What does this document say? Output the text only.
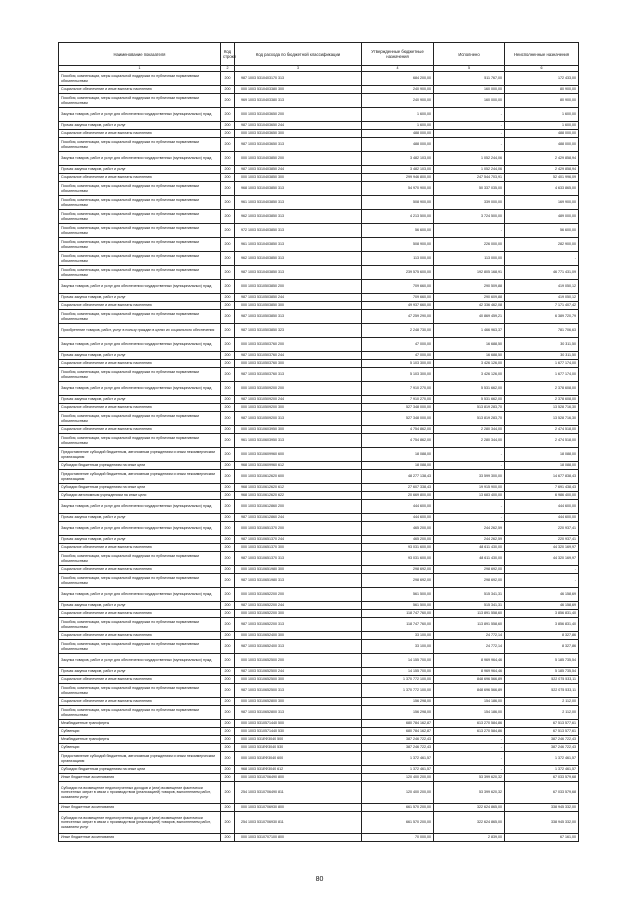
Наименование показателя	Код строки	Код расхода по бюджетной классификации	Утвержденные бюджетные назначения	Исполнено	Неисполненные назначения
1	2	3	4	5	6
Пособия, компенсации, меры социальной поддержки по публичным нормативным обязательствам	200	987 1003 5310403170 313	684 200,00	511 767,00	172 433,00
Социальное обеспечение и иные выплаты населению	200	000 1003 5310403380 300	240 900,00	160 000,00	80 900,00
Пособия, компенсации, меры социальной поддержки по публичным нормативным обязательствам	200	969 1003 5310403380 313	240 900,00	160 000,00	80 900,00
Закупка товаров, работ и услуг для обеспечения государственных (муниципальных) нужд	200	000 1003 5310403650 200	1 600,00	-	1 600,00
Прочая закупка товаров, работ и услуг	200	987 1003 5310403650 244	1 600,00	-	1 600,00
Социальное обеспечение и иные выплаты населению	200	000 1003 5310403650 300	488 000,00	-	488 000,00
Пособия, компенсации, меры социальной поддержки по публичным нормативным обязательствам	200	987 1003 5310403650 313	488 000,00	-	488 000,00
Закупка товаров, работ и услуг для обеспечения государственных (муниципальных) нужд	200	000 1003 5310403850 200	3 482 103,00	1 052 244,06	2 429 858,94
Прочая закупка товаров, работ и услуг	200	987 1003 5310403850 244	3 482 103,00	1 052 244,06	2 429 858,94
Социальное обеспечение и иные выплаты населению	200	000 1003 5310403850 300	299 946 800,00	247 544 703,91	52 401 996,09
Пособия, компенсации, меры социальной поддержки по публичным нормативным обязательствам	200	968 1003 5310403850 313	54 970 900,00	50 337 035,00	4 633 865,00
Пособия, компенсации, меры социальной поддержки по публичным нормативным обязательствам	200	961 1003 5310403850 313	508 900,00	339 000,00	169 900,00
Пособия, компенсации, меры социальной поддержки по публичным нормативным обязательствам	200	962 1003 5310403850 313	4 213 500,00	3 724 500,00	489 000,00
Пособия, компенсации, меры социальной поддержки по публичным нормативным обязательствам	200	972 1003 5310403850 313	56 600,00	-	56 600,00
Пособия, компенсации, меры социальной поддержки по публичным нормативным обязательствам	200	961 1003 5310403850 313	508 900,00	226 000,00	282 900,00
Пособия, компенсации, меры социальной поддержки по публичным нормативным обязательствам	200	962 1003 5310403850 313	113 000,00	113 000,00	-
Пособия, компенсации, меры социальной поддержки по публичным нормативным обязательствам	200	987 1003 5310403850 313	239 575 600,00	192 805 168,91	46 771 431,09
Закупка товаров, работ и услуг для обеспечения государственных (муниципальных) нужд	200	000 1003 5310503850 200	709 660,00	290 509,88	419 050,12
Прочая закупка товаров, работ и услуг	200	987 1003 5310503850 244	709 660,00	290 609,88	419 050,12
Социальное обеспечение и иные выплаты населению	200	000 1003 5310503850 300	49 937 660,00	42 336 462,08	7 171 407,42
Пособия, компенсации, меры социальной поддержки по публичным нормативным обязательствам	200	987 1003 5310503850 313	47 259 290,00	40 869 459,21	6 389 720,79
Приобретение товаров, работ, услуг в пользу граждан в целях их социального обеспечения	200	987 1003 5310503850 323	2 248 730,00	1 466 963,37	781 706,63
Закупка товаров, работ и услуг для обеспечения государственных (муниципальных) нужд	200	000 1003 5310503760 200	47 000,00	16 688,50	30 311,50
Прочая закупка товаров, работ и услуг	200	987 1003 5310503760 244	47 000,00	16 688,50	30 311,50
Социальное обеспечение и иные выплаты населению	200	000 1003 5310503760 300	5 103 300,00	3 426 126,00	1 677 174,00
Пособия, компенсации, меры социальной поддержки по публичным нормативным обязательствам	200	987 1003 5310503760 313	5 103 300,00	3 426 126,00	1 677 174,00
Закупка товаров, работ и услуг для обеспечения государственных (муниципальных) нужд	200	000 1003 5310509200 200	7 910 270,00	5 531 662,00	2 378 608,00
Прочая закупка товаров, работ и услуг	200	987 1003 5310509200 244	7 910 270,00	5 531 662,00	2 378 608,00
Социальное обеспечение и иные выплаты населению	200	000 1003 5310509200 300	527 348 000,00	513 819 283,70	13 528 716,30
Пособия, компенсации, меры социальной поддержки по публичным нормативным обязательствам	200	987 1003 5310509200 313	527 348 000,00	513 819 283,70	13 528 716,30
Социальное обеспечение и иные выплаты населению	200	000 1003 5310603950 300	4 754 862,00	2 280 344,00	2 474 518,00
Пособия, компенсации, меры социальной поддержки по публичным нормативным обязательствам	200	961 1003 5310603950 313	4 754 862,00	2 280 344,00	2 474 518,00
Предоставление субсидий бюджетным, автономным учреждениям и иным некоммерческим организациям	200	000 1003 5310609960 600	18 088,00	-	18 088,00
Субсидии бюджетным учреждениям на иные цели	200	968 1003 5310609960 612	18 088,00	-	18 088,00
Предоставление субсидий бюджетным, автономным учреждениям и иным некоммерческим организациям	200	000 1003 5310612620 600	48 277 138,43	33 599 300,00	14 677 838,43
Субсидии бюджетным учреждениям на иные цели	200	968 1003 5310612620 612	27 607 338,43	19 915 900,00	7 691 438,43
Субсидии автономным учреждениям на иные цели	200	968 1003 5310612620 622	20 669 800,00	13 683 400,00	6 986 400,00
Закупка товаров, работ и услуг для обеспечения государственных (муниципальных) нужд	200	000 1003 5310612860 200	444 600,00	-	444 600,00
Прочая закупка товаров, работ и услуг	200	987 1003 5310612860 244	444 600,00	-	444 600,00
Закупка товаров, работ и услуг для обеспечения государственных (муниципальных) нужд	200	000 1003 5310651370 200	465 200,00	244 262,59	220 937,41
Прочая закупка товаров, работ и услуг	200	987 1003 5310651370 244	465 200,00	244 262,59	220 937,41
Социальное обеспечение и иные выплаты населению	200	000 1003 5310651370 300	93 031 600,00	48 611 430,00	44 320 169,97
Пособия, компенсации, меры социальной поддержки по публичным нормативным обязательствам	200	987 1003 5310651370 313	93 031 600,00	48 611 430,00	44 320 169,97
Социальное обеспечение и иные выплаты населению	200	000 1003 5310651980 300	298 692,00	298 692,00	-
Пособия, компенсации, меры социальной поддержки по публичным нормативным обязательствам	200	987 1003 5310651980 313	298 692,00	298 692,00	-
Закупка товаров, работ и услуг для обеспечения государственных (муниципальных) нужд	200	000 1003 5310652200 200	561 500,00	515 341,31	46 158,69
Прочая закупка товаров, работ и услуг	200	987 1003 5310652200 244	561 500,00	515 341,31	46 158,69
Социальное обеспечение и иные выплаты населению	200	000 1003 5310652200 300	118 747 760,00	113 891 558,60	3 856 831,40
Пособия, компенсации, меры социальной поддержки по публичным нормативным обязательствам	200	987 1003 5310652200 313	118 747 760,00	113 891 558,60	3 856 831,40
Социальное обеспечение и иные выплаты населению	200	000 1003 5310652400 300	33 100,00	24 772,14	8 327,86
Пособия, компенсации, меры социальной поддержки по публичным нормативным обязательствам	200	987 1003 5310652400 313	33 100,00	24 772,14	8 327,86
Закупка товаров, работ и услуг для обеспечения государственных (муниципальных) нужд	200	000 1003 5310652500 200	14 155 700,00	8 969 964,46	5 185 735,54
Прочая закупка товаров, работ и услуг	200	987 1003 5310652500 244	14 155 700,00	8 969 964,46	5 185 735,54
Социальное обеспечение и иные выплаты населению	200	000 1003 5310652500 300	1 370 772 100,00	848 696 566,89	522 075 533,11
Пособия, компенсации, меры социальной поддержки по публичным нормативным обязательствам	200	987 1003 5310652500 313	1 370 772 100,00	848 696 566,89	522 075 533,11
Социальное обеспечение и иные выплаты населению	200	000 1003 5310652800 300	156 298,00	154 186,00	2 112,00
Пособия, компенсации, меры социальной поддержки по публичным нормативным обязательствам	200	987 1003 5310652800 313	156 298,00	154 186,00	2 112,00
Межбюджетные трансферты	200	000 1003 5310571440 500	680 784 162,87	613 270 584,86	67 513 577,61
Субвенции	200	000 1003 5310571440 530	680 784 162,87	613 270 584,86	67 513 577,61
Межбюджетные трансферты	200	000 1003 531ЕФ3040 500	387 246 722,43	-	387 246 722,43
Субвенции	200	000 1003 531ЕФ3040 530	387 246 722,43	-	387 246 722,43
Предоставление субсидий бюджетным, автономным учреждениям и иным некоммерческим организациям	200	000 1003 531ЕФ3040 600	1 372 461,57	-	1 372 461,57
Субсидии бюджетным учреждениям на иные цели	200	968 1003 531ЕФ3040 612	1 372 461,57	-	1 372 461,57
Иные бюджетные ассигнования	200	000 1003 5310706490 800	120 400 200,00	53 399 620,32	67 033 579,68
Субсидии на возмещение недополученных доходов и (или) возмещение фактически понесенных затрат в связи с производством (реализацией) товаров, выполнением работ, оказанием услуг	200	254 1003 5310706490 811	120 400 200,00	53 399 620,32	67 033 579,68
Иные бюджетные ассигнования	200	000 1003 5310706930 800	661 570 200,00	322 624 865,00	338 945 332,00
Субсидии на возмещение недополученных доходов и (или) возмещение фактически понесенных затрат в связи с производством (реализацией) товаров, выполнением работ, оказанием услуг	200	254 1003 5310706930 811	661 570 200,00	322 624 865,00	338 945 332,00
Иные бюджетные ассигнования	200	000 1003 5310707100 800	70 000,00	2 839,00	67 161,00
80
